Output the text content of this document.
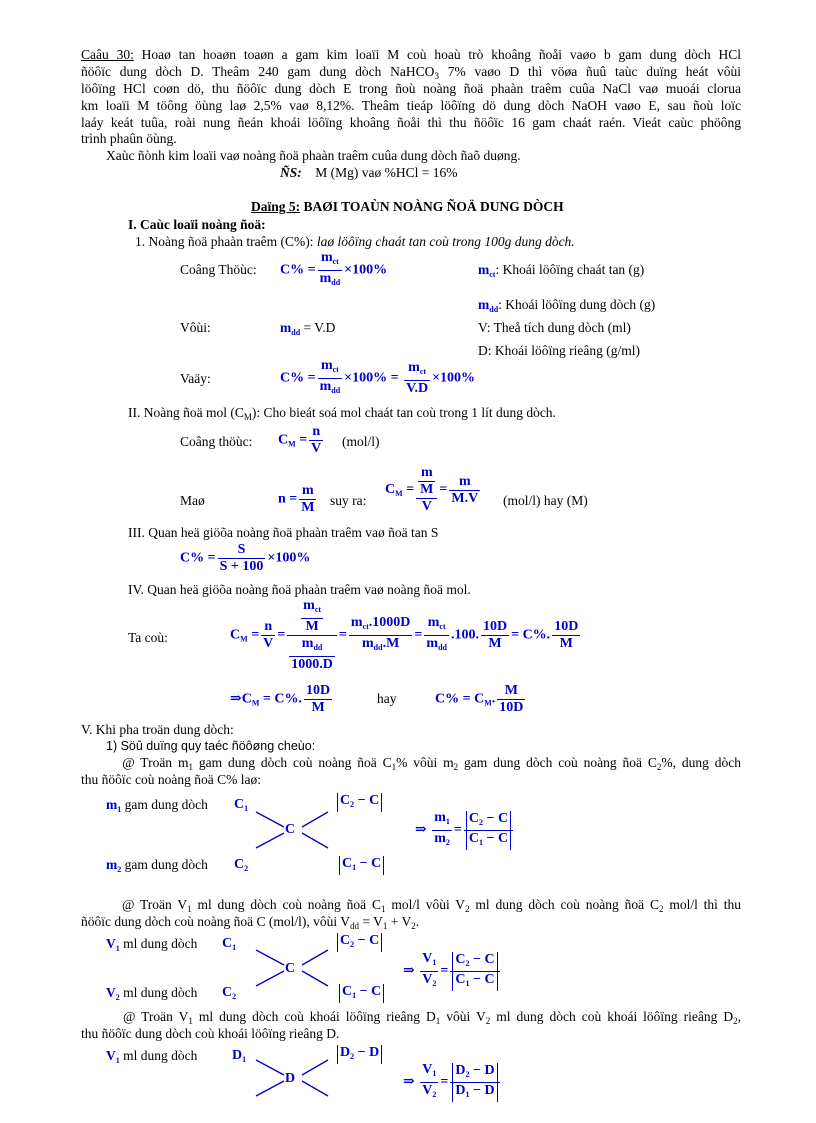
Caâu 30: Hoaø tan hoaøn toaøn a gam kim loaïi M coù hoaù trò khoâng ñoåi vaøo b gam dung dòch HCl
ñöôïc dung dòch D. Theâm 240 gam dung dòch NaHCO$_3$ 7% vaøo D thì vöøa ñuû taùc duïng heát vôùi
löôïng HCl coøn dö, thu ñöôïc dung dòch E trong ñoù noàng ñoä phaàn traêm cuûa NaCl vaø muoái clorua
km loaïi M töông öùng laø 2,5% vaø 8,12%. Theâm tieáp löôïng dö dung dòch NaOH vaøo E, sau ñoù loïc
laáy keát tuûa, roài nung ñeán khoái löôïng khoâng ñoåi thì thu ñöôïc 16 gam chaát raén. Vieát caùc phöông
trình phaûn öùng.
Xaùc ñònh kim loaïi vaø noàng ñoä phaàn traêm cuûa dung dòch ñaõ duøng.
ÑS: M (Mg) vaø %HCl = 16%
Daïng 5: BAØI TOAÙN NOÀNG ÑOÄ DUNG DÒCH
I. Caùc loaïi noàng ñoä:
1. Noàng ñoä phaàn traêm (C%): laø löôïng chaát tan coù trong 100g dung dòch.
Coâng Thöùc: C% =
$m_{ct}$
$m_{dd}$
×100%	$m_{ct}$: Khoái löôïng chaát tan (g)
$m_{dd}$: Khoái löôïng dung dòch (g)
Vôùi:	$m_{dd} = V.D$	V: Theå tích dung dòch (ml)
D: Khoái löôïng rieâng (g/ml)
Vaäy:	C% =
$m_{ct}$
$m_{dd}$
×100% =
$m_{ct}$
V.D
×100%
II. Noàng ñoä mol $(C_M)$: Cho bieát soá mol chaát tan coù trong 1 lít dung dòch.
Coâng thöùc: $C_M = \frac{n}{V} (mol/l)$
Maø	$n = \frac{m}{M}$ suy ra:
$C_M = \frac{\frac{m}{M}}{V} = \frac{m}{M.V} (mol/l)$ hay (M)
III. Quan heä giöõa noàng ñoä phaàn traêm vaø ñoä tan S
$C\% = \frac{S}{S + 100} \times 100\%$
IV. Quan heä giöõa noàng ñoä phaàn traêm vaø noàng ñoä mol.
Ta coù:	$C_M = \frac{n}{V}$ =
$m_{ct}$
M
$m_{dd}$
1000.D
=
$m_{ct}.1000D$
$m_{dd}.M$
=
$m_{ct}$
$m_{dd}$
.100. $\frac{10D}{M} = C\%$. $\frac{10D}{M}$
$\Rightarrow C_M = C\%$. $\frac{10D}{M}$	hay	$C\% = C_M$. $\frac{M}{10D}$
V. Khi pha troän dung dòch:
1) Söû duïng quy taéc ñöôøng cheùo:
@ Troän $m_1$ gam dung dòch coù noàng ñoä $C_1\%$ vôùi $m_2$ gam dung dòch coù noàng ñoä $C_2\%$, dung dòch
thu ñöôïc coù noàng ñoä C% laø:
$m_1$ gam dung dòch $C_1$
$C_2 - C$
C
$m_2$ gam dung dòch $C_2$	$C_1 - C$
⇒ $\frac{m_1}{m_2} = \frac{C_2 - C}{C_1 - C}$
@ Troän $V_1$ ml dung dòch coù noàng ñoä $C_1$ mol/l vôùi $V_2$ ml dung dòch coù noàng ñoä $C_2$ mol/l thì thu
ñöôïc dung dòch coù noàng ñoä C (mol/l), vôùi $V_{dd} = V_1 + V_2$.
$V_1$ ml dung dòch $C_1$	$C_2 - C$
C
$V_2$ ml dung dòch $C_2$	$C_1 - C$
⇒ $\frac{V_1}{V_2} = \frac{C_2 - C}{C_1 - C}$
@ Troän $V_1$ ml dung dòch coù khoái löôïng rieâng $D_1$ vôùi $V_2$ ml dung dòch coù khoái löôïng rieâng $D_2$,
thu ñöôïc dung dòch coù khoái löôïng rieâng D.
$V_1$ ml dung dòch $D_1$	$D_2 - D$
D	⇒ $\frac{V_1}{V_2} = \frac{D_2 - D}{D_1 - D}$
